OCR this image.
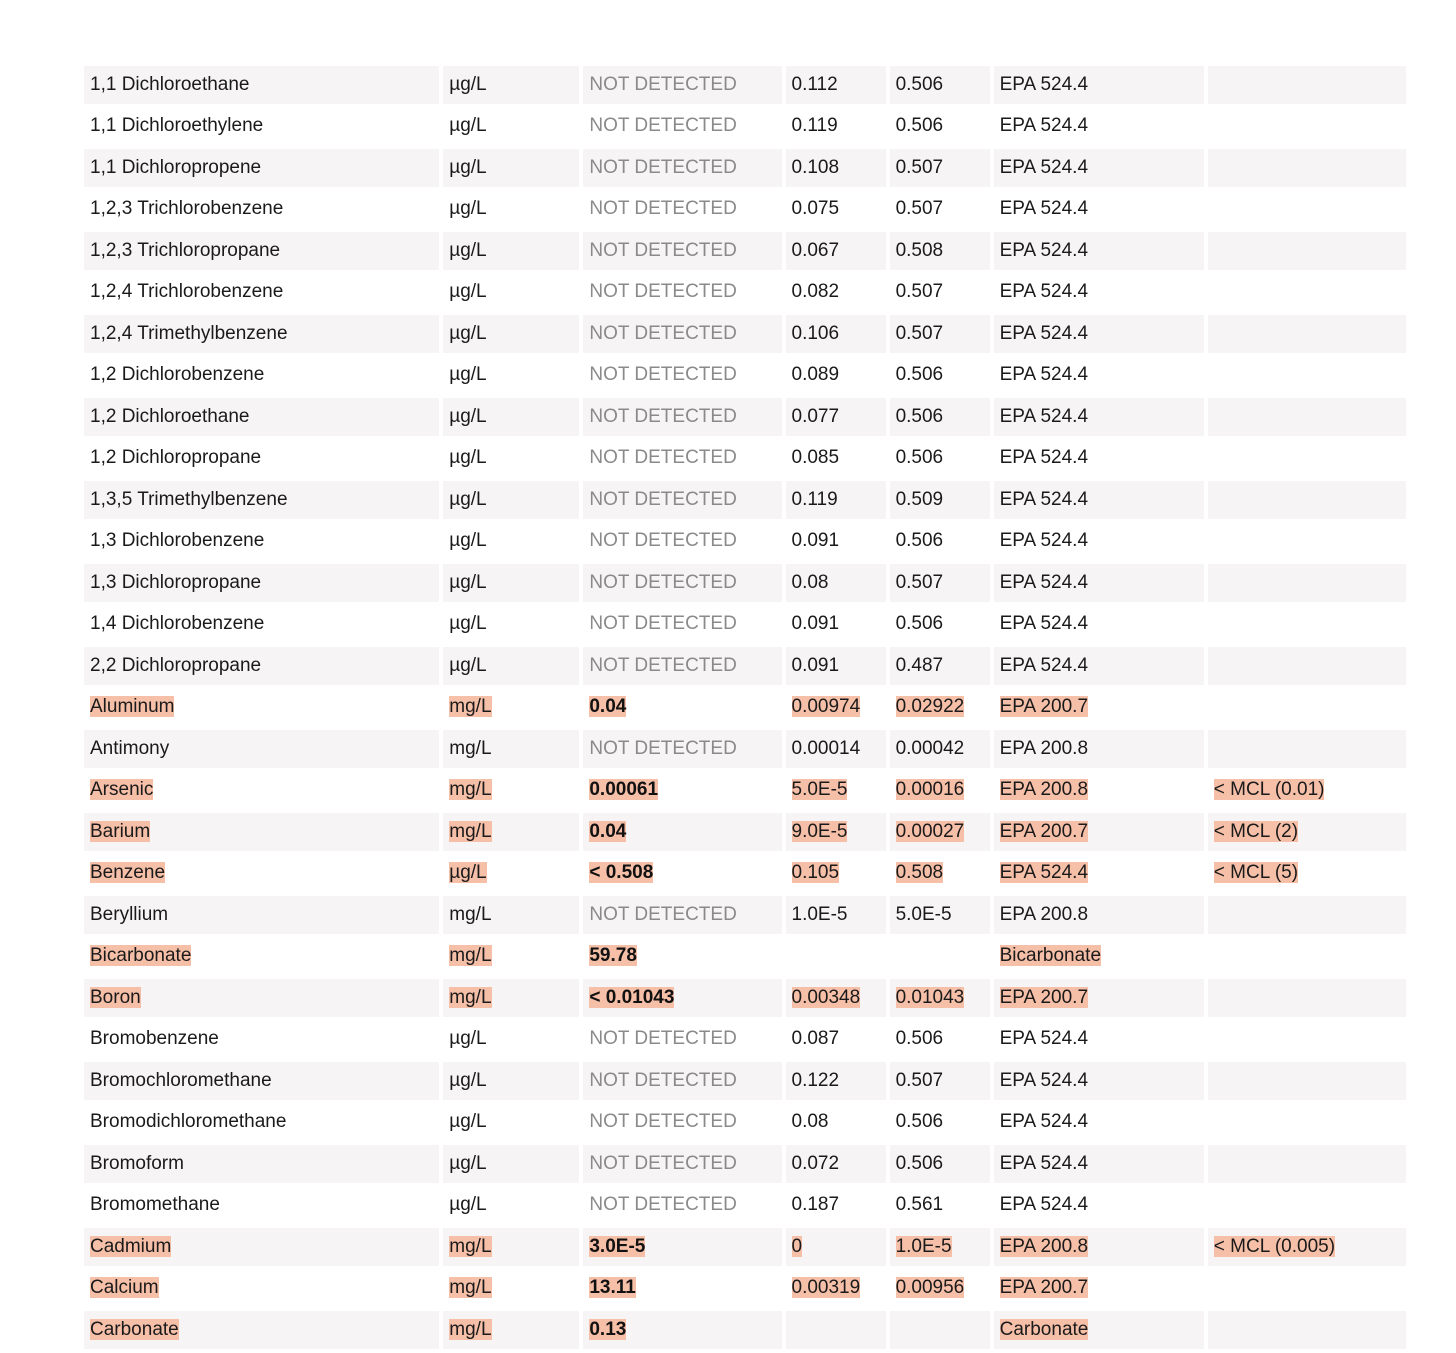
1,1 Dichloroethane	µg/L	NOT DETECTED	0.112	0.506	EPA 524.4	
1,1 Dichloroethylene	µg/L	NOT DETECTED	0.119	0.506	EPA 524.4	
1,1 Dichloropropene	µg/L	NOT DETECTED	0.108	0.507	EPA 524.4	
1,2,3 Trichlorobenzene	µg/L	NOT DETECTED	0.075	0.507	EPA 524.4	
1,2,3 Trichloropropane	µg/L	NOT DETECTED	0.067	0.508	EPA 524.4	
1,2,4 Trichlorobenzene	µg/L	NOT DETECTED	0.082	0.507	EPA 524.4	
1,2,4 Trimethylbenzene	µg/L	NOT DETECTED	0.106	0.507	EPA 524.4	
1,2 Dichlorobenzene	µg/L	NOT DETECTED	0.089	0.506	EPA 524.4	
1,2 Dichloroethane	µg/L	NOT DETECTED	0.077	0.506	EPA 524.4	
1,2 Dichloropropane	µg/L	NOT DETECTED	0.085	0.506	EPA 524.4	
1,3,5 Trimethylbenzene	µg/L	NOT DETECTED	0.119	0.509	EPA 524.4	
1,3 Dichlorobenzene	µg/L	NOT DETECTED	0.091	0.506	EPA 524.4	
1,3 Dichloropropane	µg/L	NOT DETECTED	0.08	0.507	EPA 524.4	
1,4 Dichlorobenzene	µg/L	NOT DETECTED	0.091	0.506	EPA 524.4	
2,2 Dichloropropane	µg/L	NOT DETECTED	0.091	0.487	EPA 524.4	
Aluminum	mg/L	0.04	0.00974	0.02922	EPA 200.7	
Antimony	mg/L	NOT DETECTED	0.00014	0.00042	EPA 200.8	
Arsenic	mg/L	0.00061	5.0E-5	0.00016	EPA 200.8	< MCL (0.01)
Barium	mg/L	0.04	9.0E-5	0.00027	EPA 200.7	< MCL (2)
Benzene	µg/L	< 0.508	0.105	0.508	EPA 524.4	< MCL (5)
Beryllium	mg/L	NOT DETECTED	1.0E-5	5.0E-5	EPA 200.8	
Bicarbonate	mg/L	59.78			Bicarbonate	
Boron	mg/L	< 0.01043	0.00348	0.01043	EPA 200.7	
Bromobenzene	µg/L	NOT DETECTED	0.087	0.506	EPA 524.4	
Bromochloromethane	µg/L	NOT DETECTED	0.122	0.507	EPA 524.4	
Bromodichloromethane	µg/L	NOT DETECTED	0.08	0.506	EPA 524.4	
Bromoform	µg/L	NOT DETECTED	0.072	0.506	EPA 524.4	
Bromomethane	µg/L	NOT DETECTED	0.187	0.561	EPA 524.4	
Cadmium	mg/L	3.0E-5	0	1.0E-5	EPA 200.8	< MCL (0.005)
Calcium	mg/L	13.11	0.00319	0.00956	EPA 200.7	
Carbonate	mg/L	0.13			Carbonate	
